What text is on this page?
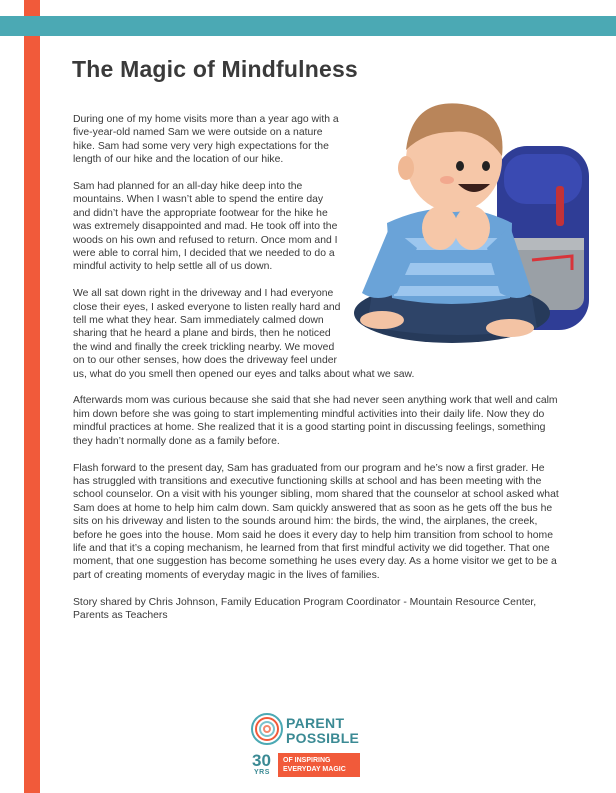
The Magic of Mindfulness

During one of my home visits more than a year ago with a five-year-old named Sam we were outside on a nature hike. Sam had some very very high expectations for the length of our hike and the location of our hike.

Sam had planned for an all-day hike deep into the mountains. When I wasn’t able to spend the entire day and didn’t have the appropriate footwear for the hike he was extremely disappointed and mad. He took off into the woods on his own and refused to return. Once mom and I were able to corral him, I decided that we needed to do a mindful activity to help settle all of us down.

We all sat down right in the driveway and I had everyone close their eyes, I asked everyone to listen really hard and tell me what they hear. Sam immediately calmed down sharing that he heard a plane and birds, then he noticed the wind and finally the creek trickling nearby. We moved on to our other senses, how does the driveway feel under us, what do you smell then opened our eyes and talks about what we saw.

Afterwards mom was curious because she said that she had never seen anything work that well and calm him down before she was going to start implementing mindful activities into their daily life. Now they do mindful practices at home. She realized that it is a good starting point in discussing feelings, something they hadn’t normally done as a family before.

Flash forward to the present day, Sam has graduated from our program and he’s now a first grader. He has struggled with transitions and executive functioning skills at school and has been meeting with the school counselor. On a visit with his younger sibling, mom shared that the counselor at school asked what Sam does at home to help him calm down. Sam quickly answered that as soon as he gets off the bus he sits on his driveway and listen to the sounds around him: the birds, the wind, the airplanes, the creek, before he goes into the house. Mom said he does it every day to help him transition from school to home life and that it’s a coping mechanism, he learned from that first mindful activity we did together. That one moment, that one suggestion has become something he uses every day. As a home visitor we get to be a part of creating moments of everyday magic in the lives of families.

Story shared by Chris Johnson, Family Education Program Coordinator - Mountain Resource Center, Parents as Teachers

PARENT
POSSIBLE
30
YRS
OF INSPIRING
EVERYDAY MAGIC
